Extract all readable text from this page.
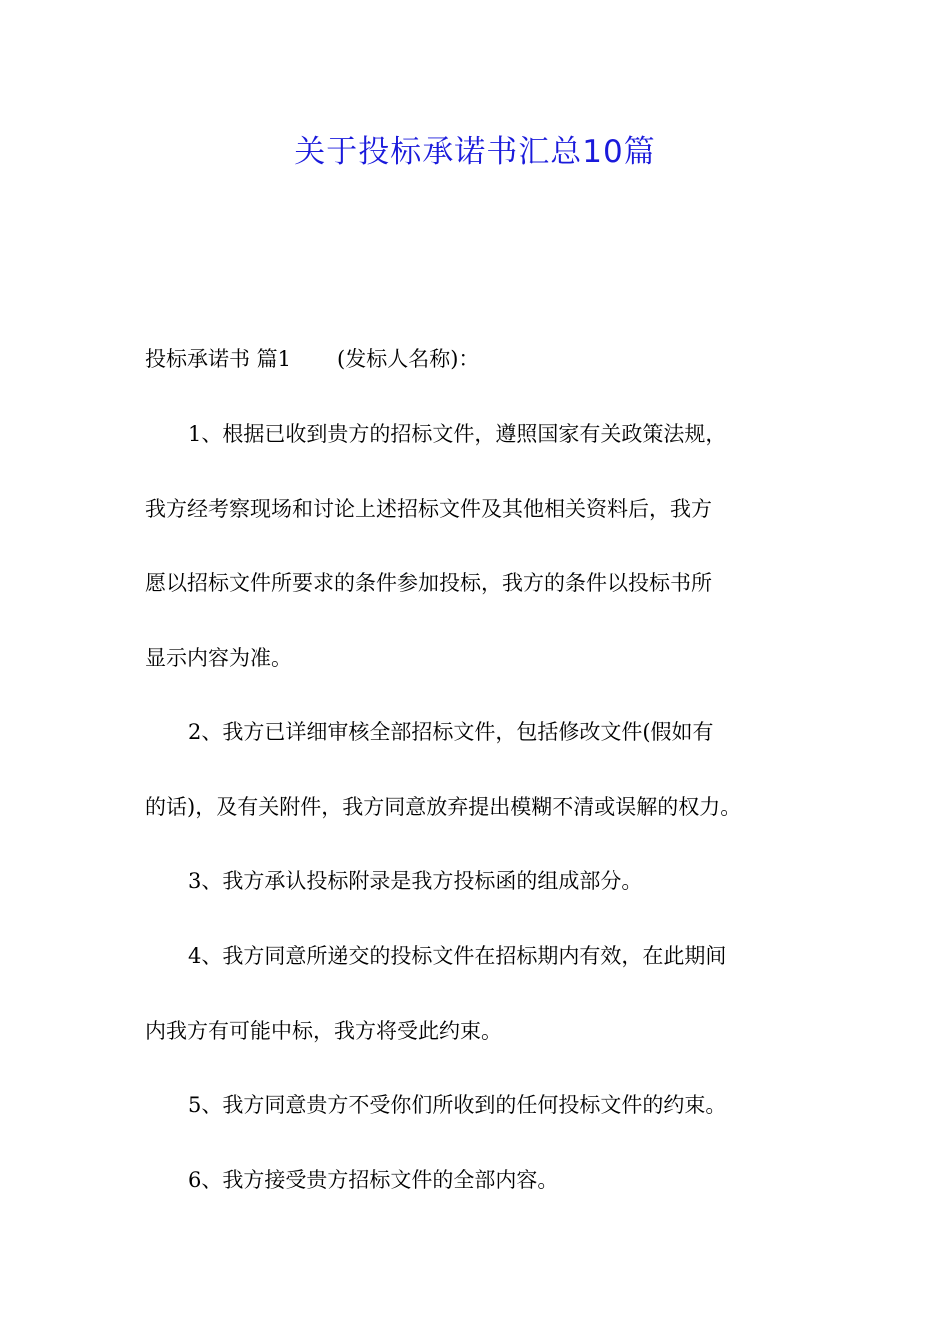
关于投标承诺书汇总10篇
投标承诺书 篇1 (发标人名称)：
1、根据已收到贵方的招标文件，遵照国家有关政策法规，
我方经考察现场和讨论上述招标文件及其他相关资料后，我方
愿以招标文件所要求的条件参加投标，我方的条件以投标书所
显示内容为准。
2、我方已详细审核全部招标文件，包括修改文件(假如有
的话)，及有关附件，我方同意放弃提出模糊不清或误解的权力。
3、我方承认投标附录是我方投标函的组成部分。
4、我方同意所递交的投标文件在招标期内有效，在此期间
内我方有可能中标，我方将受此约束。
5、我方同意贵方不受你们所收到的任何投标文件的约束。
6、我方接受贵方招标文件的全部内容。
